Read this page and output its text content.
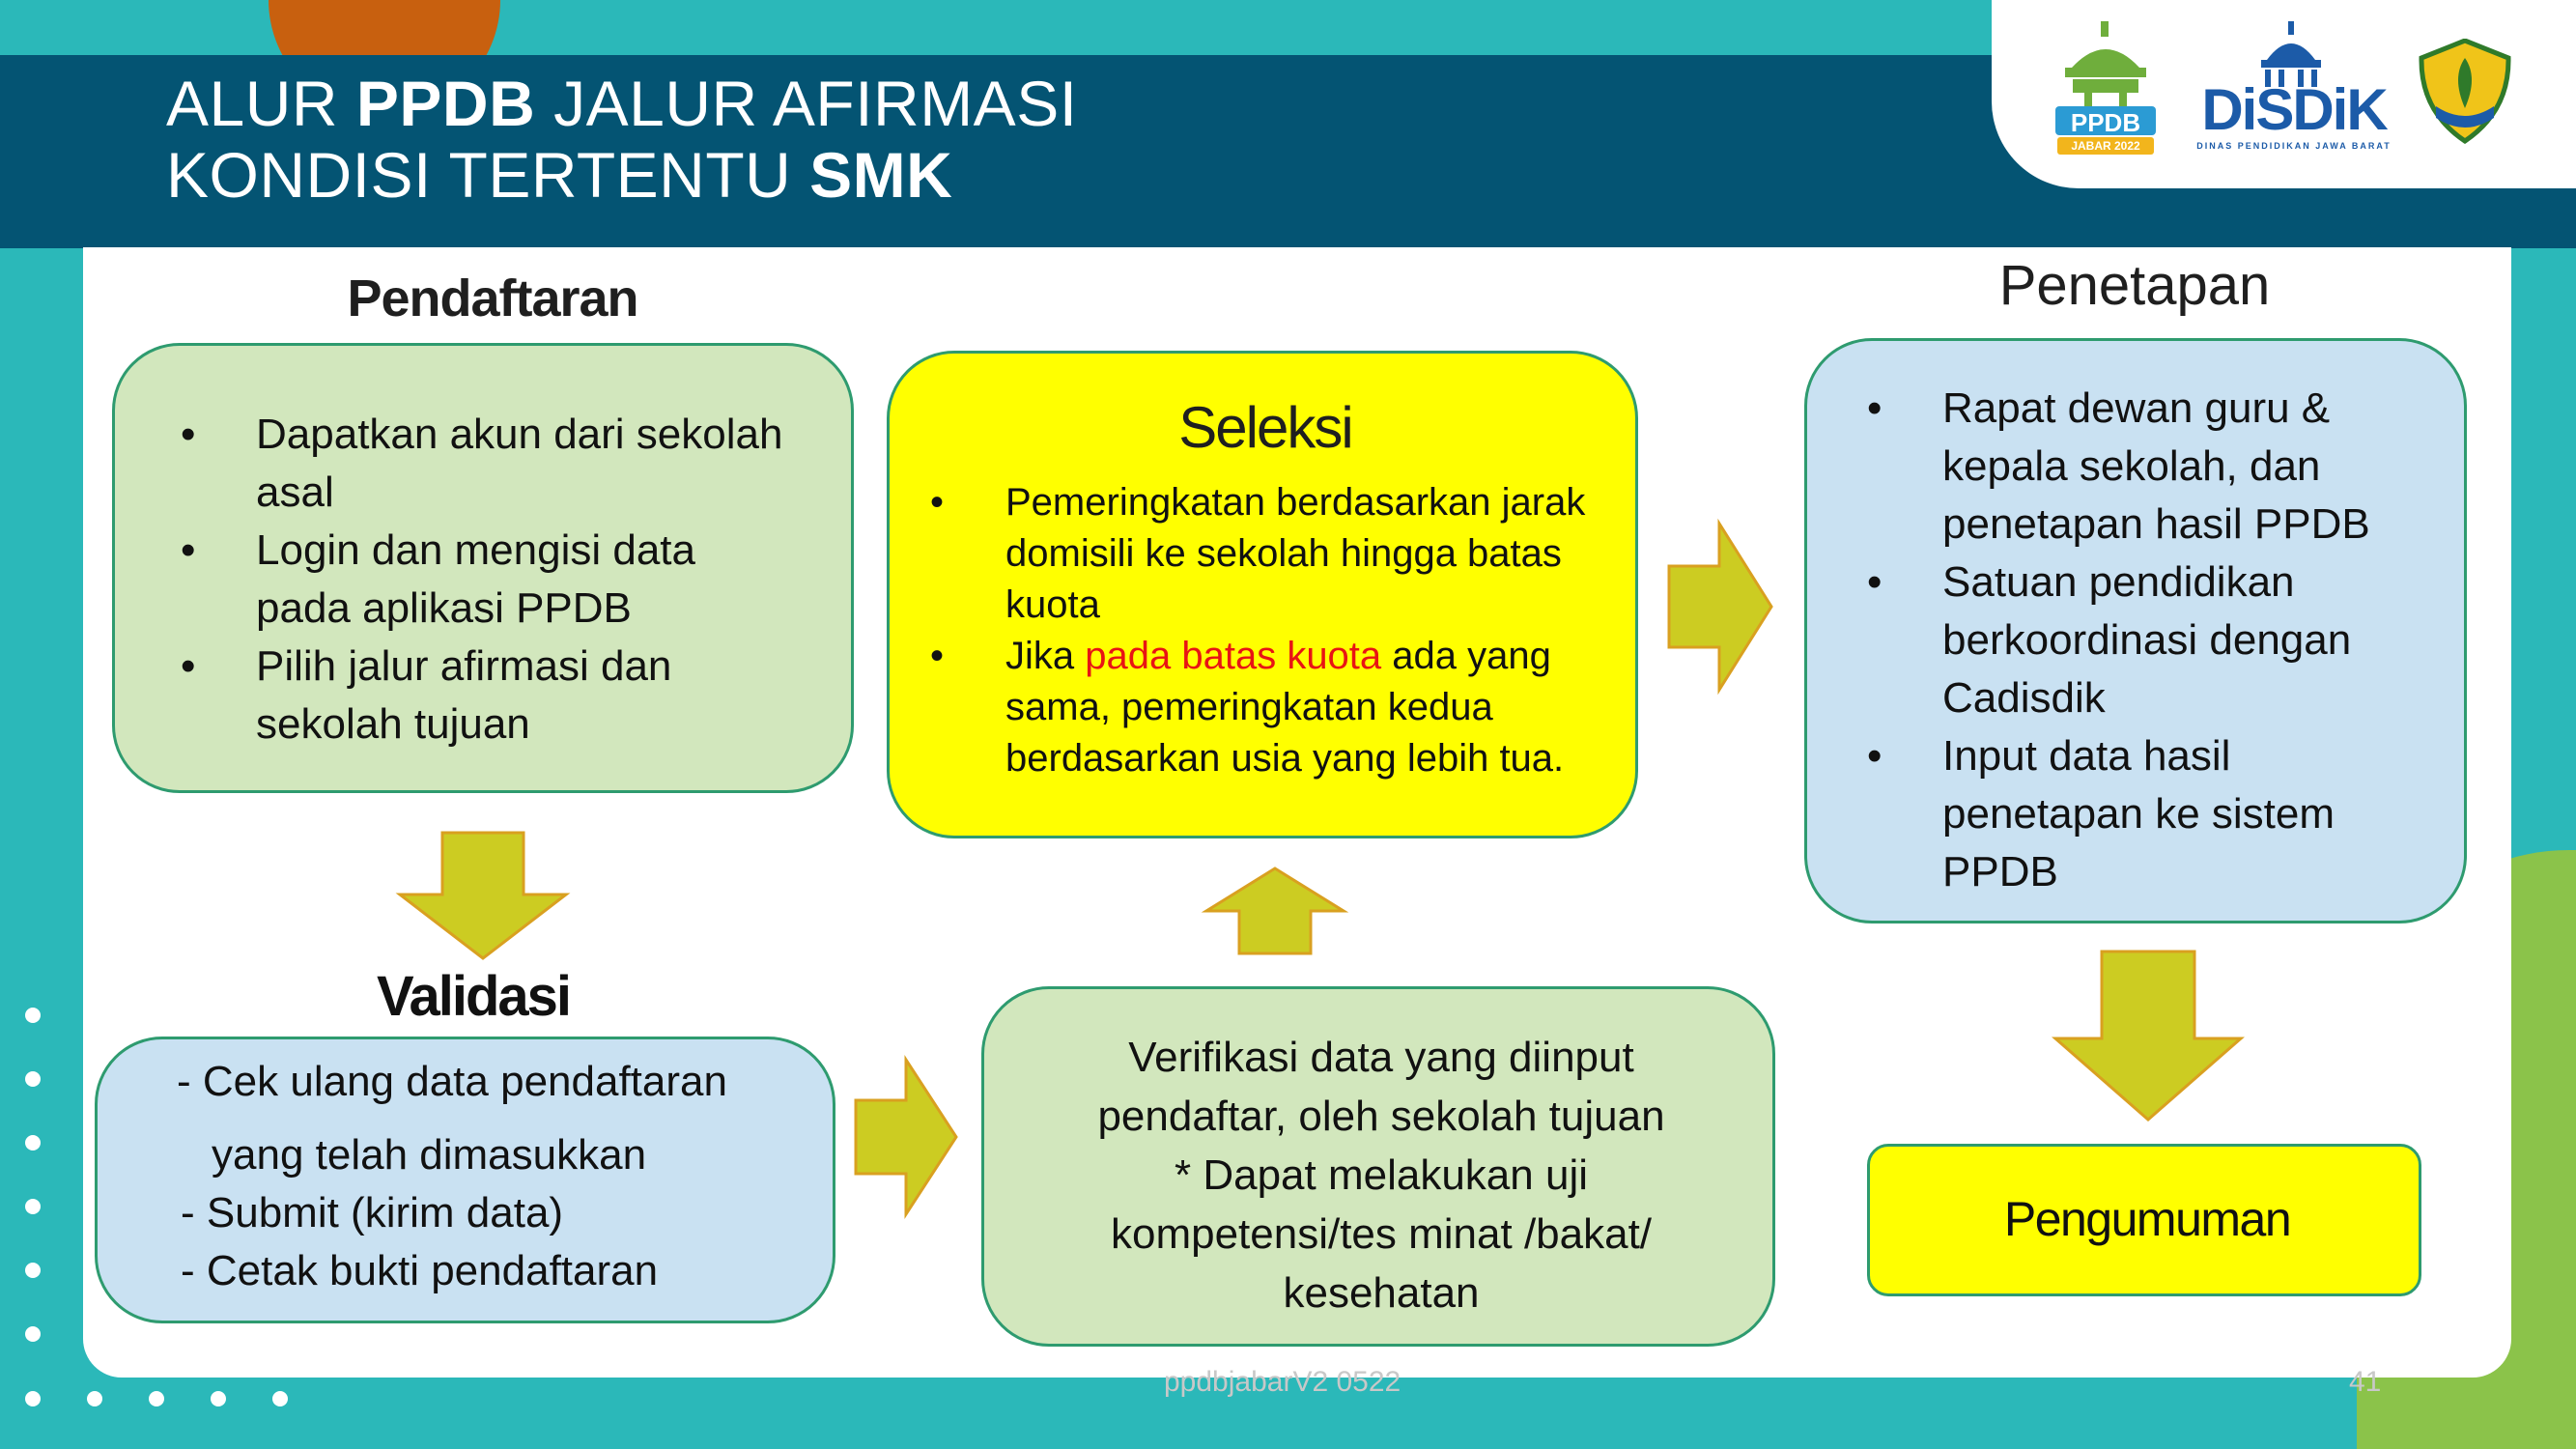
ALUR PPDB JALUR AFIRMASI
KONDISI TERTENTU SMK
PPDB
JABAR 2022
DiSDiK
DINAS PENDIDIKAN JAWA BARAT
Pendaftaran
• Dapatkan akun dari sekolah asal
• Login dan mengisi data pada aplikasi PPDB
• Pilih jalur afirmasi dan sekolah tujuan
Seleksi
• Pemeringkatan berdasarkan jarak domisili ke sekolah hingga batas kuota
• Jika pada batas kuota ada yang sama, pemeringkatan kedua berdasarkan usia yang lebih tua.
Penetapan
• Rapat dewan guru & kepala sekolah, dan penetapan hasil PPDB
• Satuan pendidikan berkoordinasi dengan Cadisdik
• Input data hasil penetapan ke sistem PPDB
Validasi
- Cek ulang data pendaftaran
yang telah dimasukkan
- Submit (kirim data)
- Cetak bukti pendaftaran
Verifikasi data yang diinput
pendaftar, oleh sekolah tujuan
* Dapat melakukan uji
kompetensi/tes minat /bakat/
kesehatan
Pengumuman
ppdbjabarV2 0522	41
